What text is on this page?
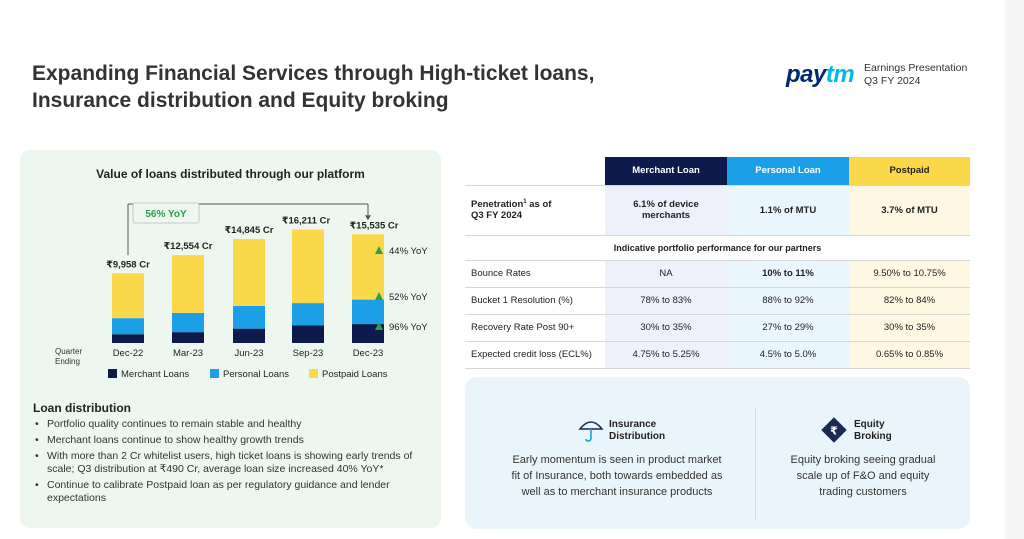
Expanding Financial Services through High-ticket loans,
Insurance distribution and Equity broking
paytm Earnings Presentation
Q3 FY 2024
Value of loans distributed through our platform
Dec-22
₹9,958 Cr
Mar-23
₹12,554 Cr
Jun-23
₹14,845 Cr
Sep-23
₹16,211 Cr
Dec-23
₹15,535 Cr
Quarter
Ending
56% YoY
44% YoY
52% YoY
96% YoY
Merchant Loans	Personal Loans	Postpaid Loans
Loan distribution
• Portfolio quality continues to remain stable and healthy
• Merchant loans continue to show healthy growth trends
• With more than 2 Cr whitelist users, high ticket loans is showing early trends of scale; Q3 distribution at ₹490 Cr, average loan size increased 40% YoY*
• Continue to calibrate Postpaid loan as per regulatory guidance and lender expectations
	Merchant Loan	Personal Loan	Postpaid
Penetration$^1$ as of
Q3 FY 2024	6.1% of device merchants	1.1% of MTU	3.7% of MTU
Indicative portfolio performance for our partners			
Bounce Rates	NA	10% to 11%	9.50% to 10.75%
Bucket 1 Resolution (%)	78% to 83%	88% to 92%	82% to 84%
Recovery Rate Post 90+	30% to 35%	27% to 29%	30% to 35%
Expected credit loss (ECL%)	4.75% to 5.25%	4.5% to 5.0%	0.65% to 0.85%
Insurance
Distribution
Early momentum is seen in product market
fit of Insurance, both towards embedded as
well as to merchant insurance products
₹ Equity
Broking
Equity broking seeing gradual
scale up of F&O and equity
trading customers
